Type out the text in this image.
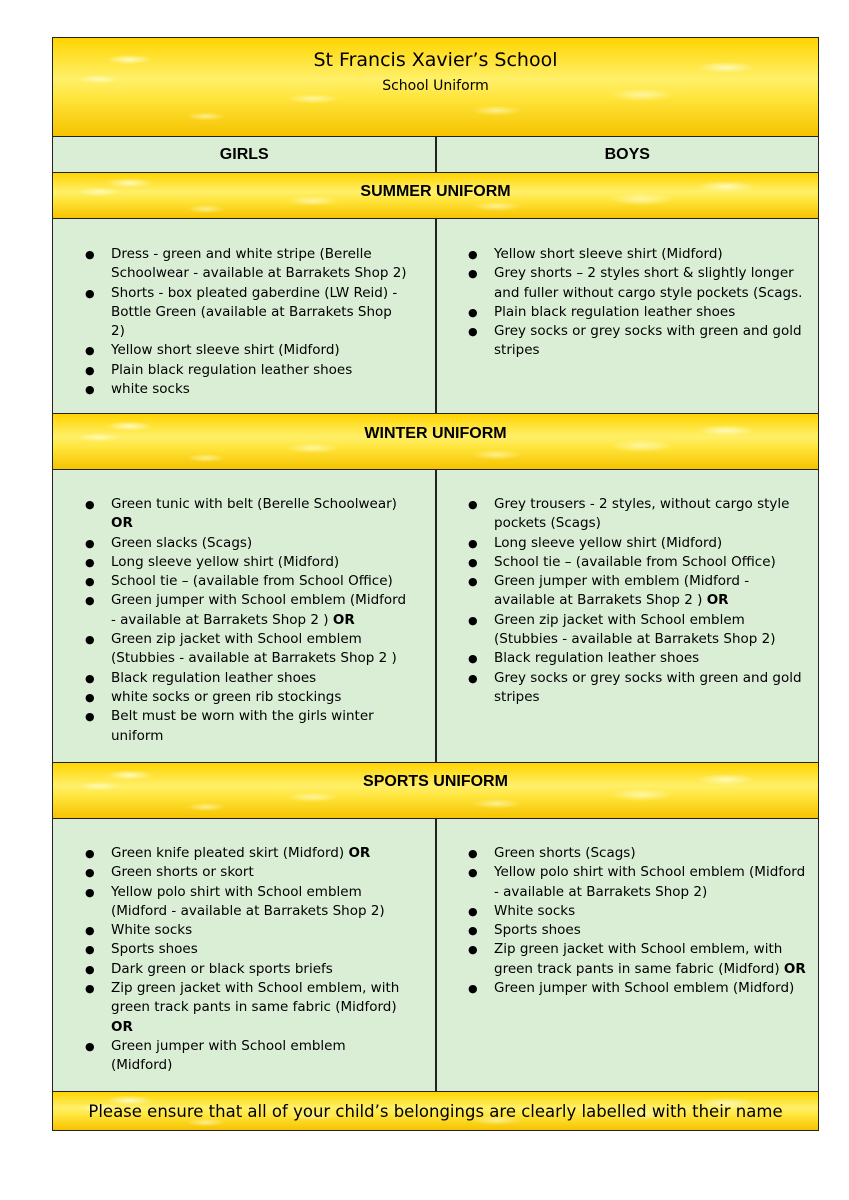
St Francis Xavier’s School
School Uniform
GIRLS	BOYS
SUMMER UNIFORM
● Dress - green and white stripe (Berelle Schoolwear - available at Barrakets Shop 2)
● Shorts - box pleated gaberdine (LW Reid) - Bottle Green (available at Barrakets Shop 2)
● Yellow short sleeve shirt (Midford)
● Plain black regulation leather shoes
● white socks
● Yellow short sleeve shirt (Midford)
● Grey shorts – 2 styles short & slightly longer and fuller without cargo style pockets (Scags.
● Plain black regulation leather shoes
● Grey socks or grey socks with green and gold stripes
WINTER UNIFORM
● Green tunic with belt (Berelle Schoolwear) OR
● Green slacks (Scags)
● Long sleeve yellow shirt (Midford)
● School tie – (available from School Office)
● Green jumper with School emblem (Midford - available at Barrakets Shop 2 ) OR
● Green zip jacket with School emblem (Stubbies - available at Barrakets Shop 2 )
● Black regulation leather shoes
● white socks or green rib stockings
● Belt must be worn with the girls winter uniform
● Grey trousers - 2 styles, without cargo style pockets (Scags)
● Long sleeve yellow shirt (Midford)
● School tie – (available from School Office)
● Green jumper with emblem (Midford -available at Barrakets Shop 2 ) OR
● Green zip jacket with School emblem (Stubbies - available at Barrakets Shop 2)
● Black regulation leather shoes
● Grey socks or grey socks with green and gold stripes
SPORTS UNIFORM
● Green knife pleated skirt (Midford) OR
● Green shorts or skort
● Yellow polo shirt with School emblem (Midford - available at Barrakets Shop 2)
● White socks
● Sports shoes
● Dark green or black sports briefs
● Zip green jacket with School emblem, with green track pants in same fabric (Midford) OR
● Green jumper with School emblem (Midford)
● Green shorts (Scags)
● Yellow polo shirt with School emblem (Midford - available at Barrakets Shop 2)
● White socks
● Sports shoes
● Zip green jacket with School emblem, with green track pants in same fabric (Midford) OR
● Green jumper with School emblem (Midford)
Please ensure that all of your child’s belongings are clearly labelled with their name
